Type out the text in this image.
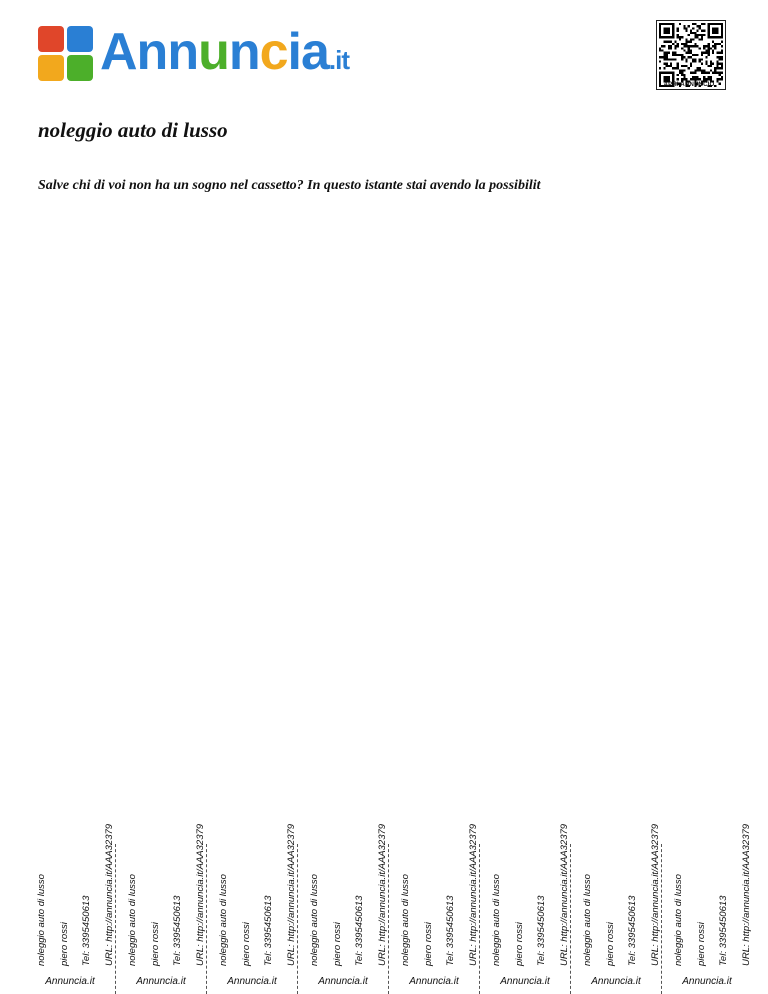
Annuncia.it
APRI ANNUNCIO
noleggio auto di lusso

Salve chi di voi non ha un sogno nel cassetto? In questo istante stai avendo la possibilit

noleggio auto di lusso piero rossi Tel: 3395450613 URL: http://annuncia.it/AAA32379
Annuncia.it
noleggio auto di lusso piero rossi Tel: 3395450613 URL: http://annuncia.it/AAA32379
Annuncia.it
noleggio auto di lusso piero rossi Tel: 3395450613 URL: http://annuncia.it/AAA32379
Annuncia.it
noleggio auto di lusso piero rossi Tel: 3395450613 URL: http://annuncia.it/AAA32379
Annuncia.it
noleggio auto di lusso piero rossi Tel: 3395450613 URL: http://annuncia.it/AAA32379
Annuncia.it
noleggio auto di lusso piero rossi Tel: 3395450613 URL: http://annuncia.it/AAA32379
Annuncia.it
noleggio auto di lusso piero rossi Tel: 3395450613 URL: http://annuncia.it/AAA32379
Annuncia.it
noleggio auto di lusso piero rossi Tel: 3395450613 URL: http://annuncia.it/AAA32379
Annuncia.it
